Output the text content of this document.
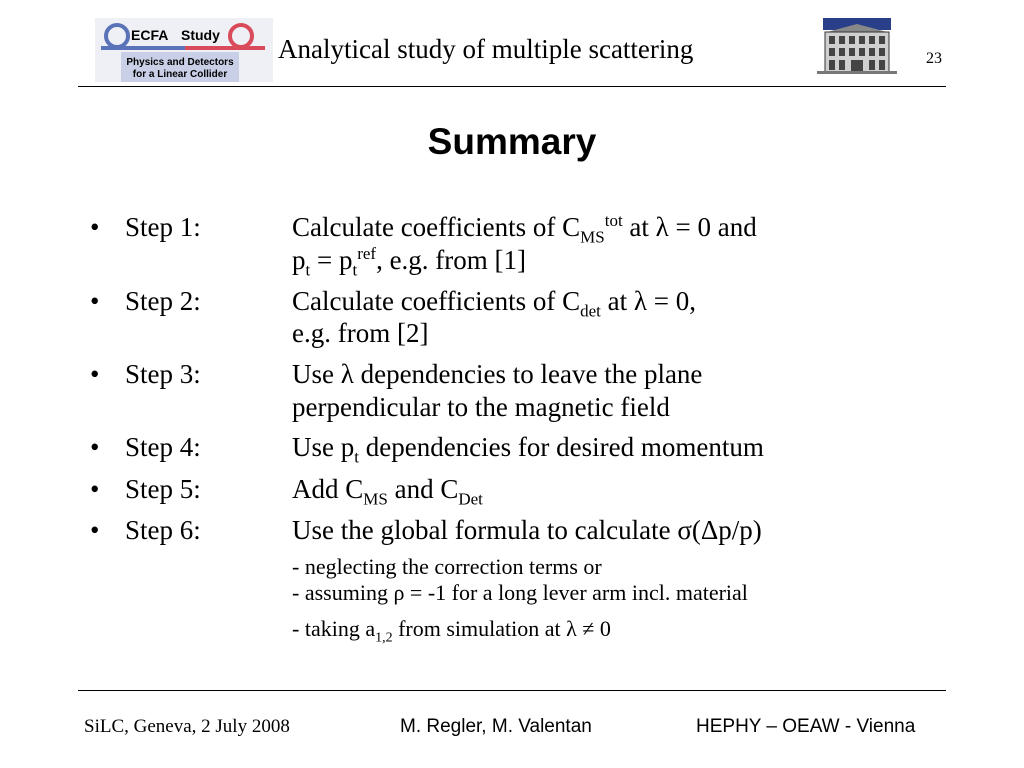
ECFA Study
Physics and Detectors
for a Linear Collider
Analytical study of multiple scattering	23
Summary
• Step 1:	Calculate coefficients of $C_{MS}^{tot}$ at λ = 0 and
$p_t = p_t^{ref}$, e.g. from [1]
• Step 2:	Calculate coefficients of $C_{det}$ at λ = 0,
e.g. from [2]
• Step 3:	Use λ dependencies to leave the plane
perpendicular to the magnetic field
• Step 4:	Use $p_t$ dependencies for desired momentum
• Step 5:	Add $C_{MS}$ and $C_{Det}$
• Step 6:	Use the global formula to calculate σ(Δp/p)
- neglecting the correction terms or
- assuming ρ = -1 for a long lever arm incl. material
- taking $a_{1,2}$ from simulation at λ ≠ 0
SiLC, Geneva, 2 July 2008	M. Regler, M. Valentan	HEPHY – OEAW - Vienna
